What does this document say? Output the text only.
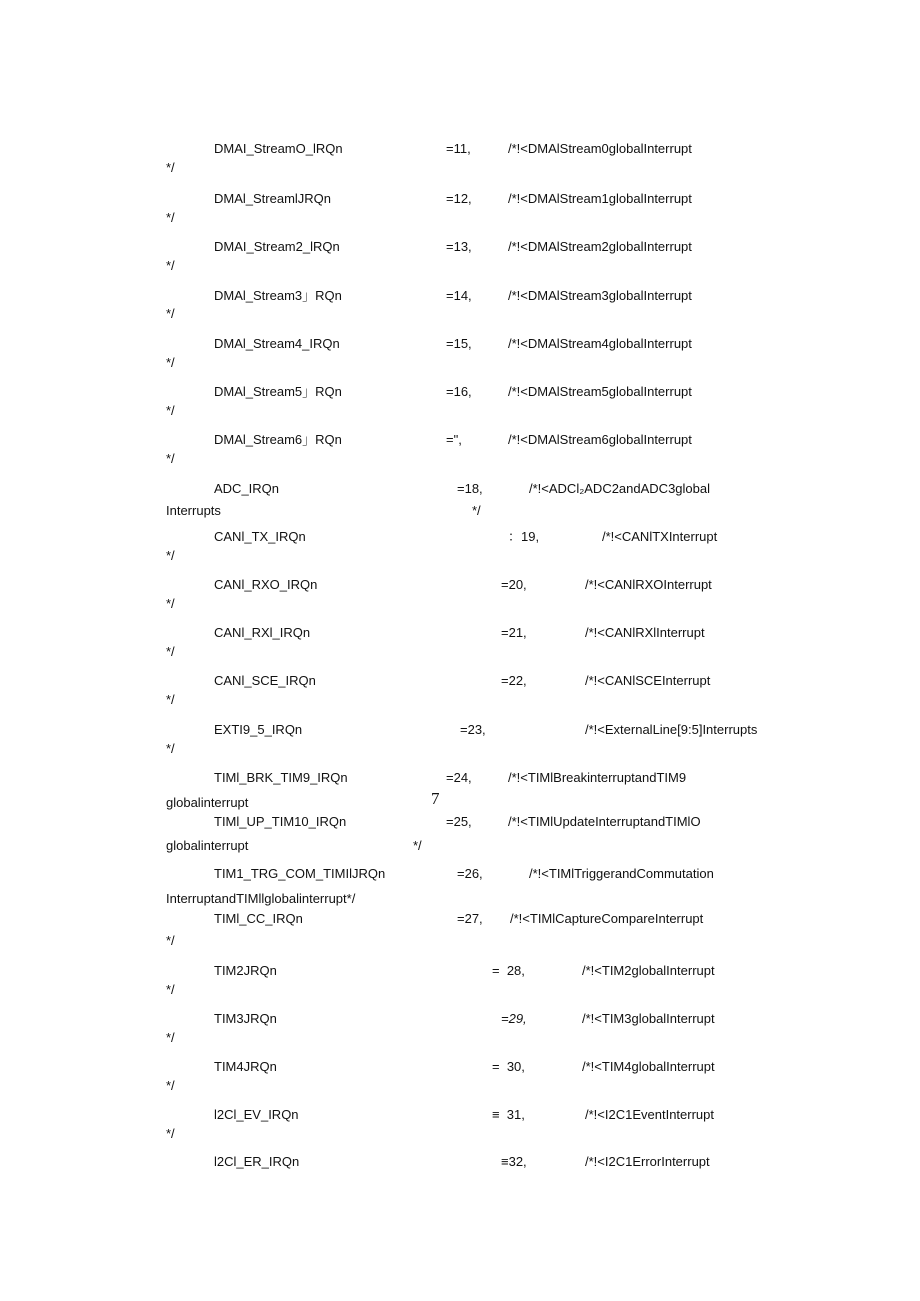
DMAI_StreamO_lRQn	=11,	/*!<DMAlStream0globalInterrupt
*/
DMAl_StreamlJRQn	=12,	/*!<DMAlStream1globalInterrupt
*/
DMAI_Stream2_lRQn	=13,	/*!<DMAlStream2globalInterrupt
*/
DMAl_Stream3」RQn	=14,	/*!<DMAlStream3globalInterrupt
*/
DMAl_Stream4_IRQn	=15,	/*!<DMAlStream4globalInterrupt
*/
DMAl_Stream5」RQn	=16,	/*!<DMAlStream5globalInterrupt
*/
DMAl_Stream6」RQn	=",	/*!<DMAlStream6globalInterrupt
*/
ADC_IRQn	=18,	/*!<ADCl₂ADC2andADC3global
Interrupts	*/
CANl_TX_IRQn	：19,	/*!<CANlTXInterrupt
*/
CANl_RXO_IRQn	=20,	/*!<CANlRXOInterrupt
*/
CANl_RXl_IRQn	=21,	/*!<CANlRXlInterrupt
*/
CANl_SCE_IRQn	=22,	/*!<CANlSCEInterrupt
*/
EXTI9_5_IRQn	=23,	/*!<ExternalLine[9:5]Interrupts
*/
TIMl_BRK_TIM9_IRQn	=24,	/*!<TIMlBreakinterruptandTIM9
globalinterrupt	7
TIMl_UP_TIM10_IRQn	=25,	/*!<TIMlUpdateInterruptandTIMlO
globalinterrupt	*/
TIM1_TRG_COM_TIMIlJRQn	=26,	/*!<TIMlTriggerandCommutation
InterruptandTIMllglobalinterrupt*/
TIMl_CC_IRQn	=27, /*!<TIMlCaptureCompareInterrupt
*/
TIM2JRQn	=  28,	/*!<TIM2globalInterrupt
*/
TIM3JRQn	=29,	/*!<TIM3globalInterrupt
*/
TIM4JRQn	=  30,	/*!<TIM4globalInterrupt
*/
l2Cl_EV_IRQn	≡  31,	/*!<I2C1EventInterrupt
*/
l2Cl_ER_IRQn	≡32,	/*!<I2C1ErrorInterrupt
